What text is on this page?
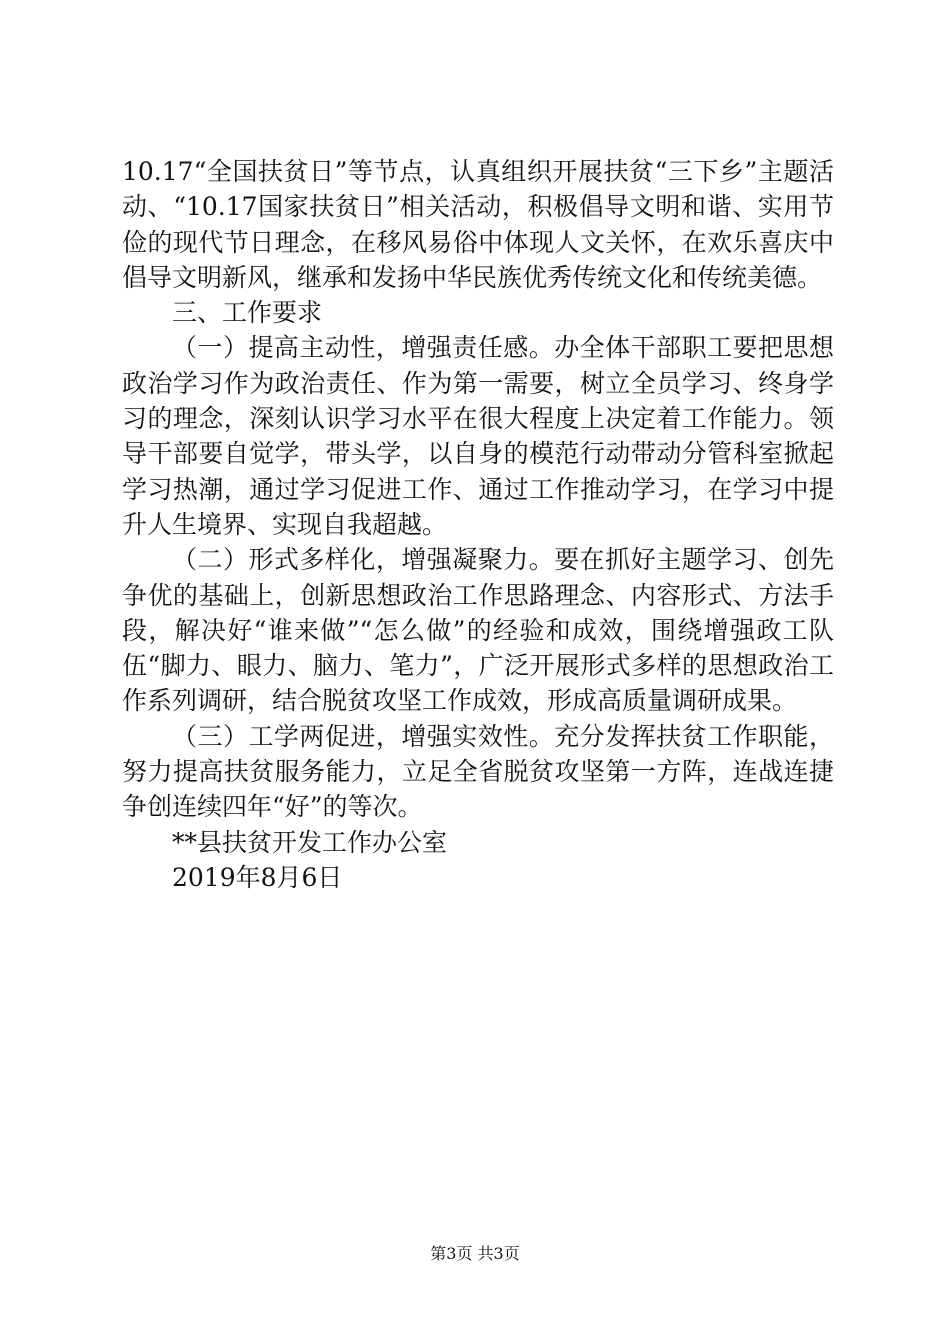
10.17“全国扶贫日”等节点，认真组织开展扶贫“三下乡”主题活动、“10.17国家扶贫日”相关活动，积极倡导文明和谐、实用节俭的现代节日理念，在移风易俗中体现人文关怀，在欢乐喜庆中倡导文明新风，继承和发扬中华民族优秀传统文化和传统美德。

三、工作要求

（一）提高主动性，增强责任感。办全体干部职工要把思想政治学习作为政治责任、作为第一需要，树立全员学习、终身学习的理念，深刻认识学习水平在很大程度上决定着工作能力。领导干部要自觉学，带头学，以自身的模范行动带动分管科室掀起学习热潮，通过学习促进工作、通过工作推动学习，在学习中提升人生境界、实现自我超越。

（二）形式多样化，增强凝聚力。要在抓好主题学习、创先争优的基础上，创新思想政治工作思路理念、内容形式、方法手段，解决好“谁来做”“怎么做”的经验和成效，围绕增强政工队伍“脚力、眼力、脑力、笔力”，广泛开展形式多样的思想政治工作系列调研，结合脱贫攻坚工作成效，形成高质量调研成果。

（三）工学两促进，增强实效性。充分发挥扶贫工作职能，努力提高扶贫服务能力，立足全省脱贫攻坚第一方阵，连战连捷争创连续四年“好”的等次。

**县扶贫开发工作办公室

2019年8月6日

第3页 共3页
